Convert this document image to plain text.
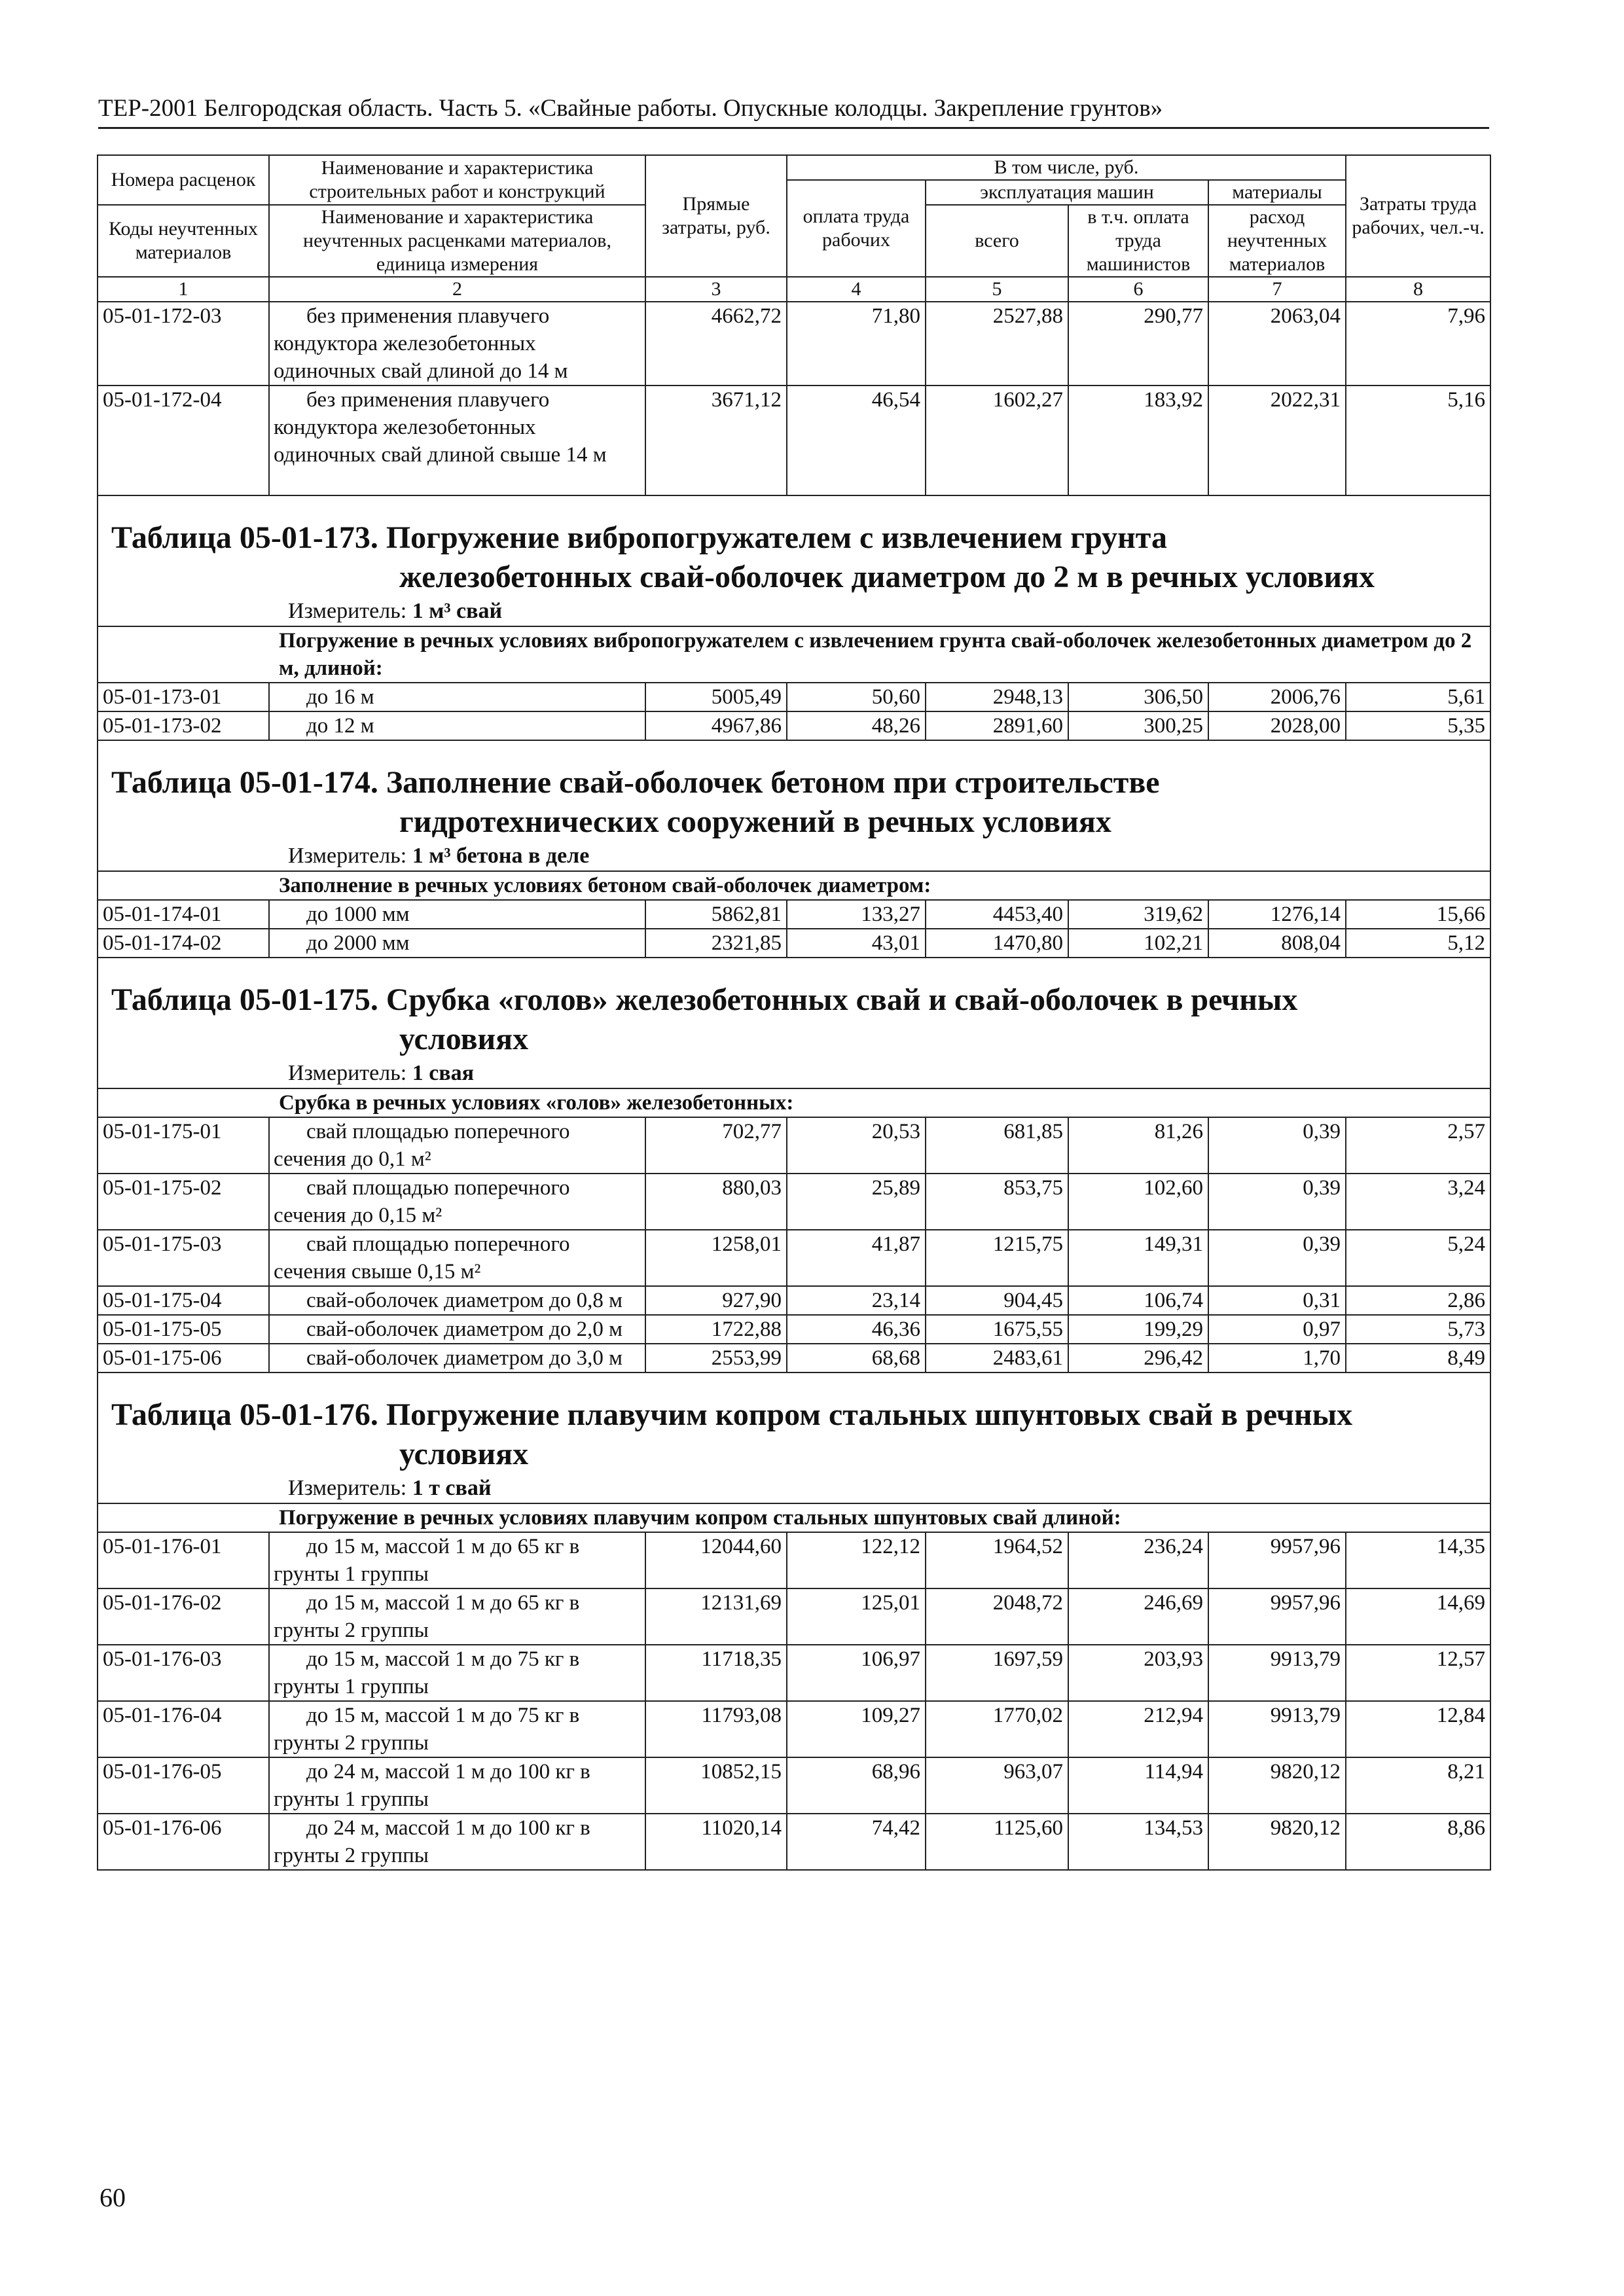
ТЕР-2001 Белгородская область. Часть 5. «Свайные работы. Опускные колодцы. Закрепление грунтов»
Номера расценок	Наименование и характеристика строительных работ и конструкций	Прямые затраты, руб.	В том числе, руб.				Затраты труда рабочих, чел.-ч.
			оплата труда рабочих	эксплуатация машин		материалы	
Коды неучтенных материалов	Наименование и характеристика неучтенных расценками материалов, единица измерения			всего	в т.ч. оплата труда машинистов	расход неучтенных материалов	

1	2	3	4	5	6	7	8
05-01-172-03	без применения плавучего кондуктора железобетонных одиночных свай длиной до 14 м	4662,72	71,80	2527,88	290,77	2063,04	7,96
05-01-172-04	без применения плавучего кондуктора железобетонных одиночных свай длиной свыше 14 м	3671,12	46,54	1602,27	183,92	2022,31	5,16

Таблица 05-01-173. Погружение вибропогружателем с извлечением грунта
железобетонных свай-оболочек диаметром до 2 м в речных условиях
Измеритель: 1 м³ свай							

Погружение в речных условиях вибропогружателем с извлечением грунта свай-оболочек железобетонных диаметром до 2 м, длиной:							
05-01-173-01	до 16 м	5005,49	50,60	2948,13	306,50	2006,76	5,61
05-01-173-02	до 12 м	4967,86	48,26	2891,60	300,25	2028,00	5,35

Таблица 05-01-174. Заполнение свай-оболочек бетоном при строительстве
гидротехнических сооружений в речных условиях
Измеритель: 1 м³ бетона в деле							

Заполнение в речных условиях бетоном свай-оболочек диаметром:							
05-01-174-01	до 1000 мм	5862,81	133,27	4453,40	319,62	1276,14	15,66
05-01-174-02	до 2000 мм	2321,85	43,01	1470,80	102,21	808,04	5,12

Таблица 05-01-175. Срубка «голов» железобетонных свай и свай-оболочек в речных
условиях
Измеритель: 1 свая							

Срубка в речных условиях «голов» железобетонных:							
05-01-175-01	свай площадью поперечного сечения до 0,1 м²	702,77	20,53	681,85	81,26	0,39	2,57
05-01-175-02	свай площадью поперечного сечения до 0,15 м²	880,03	25,89	853,75	102,60	0,39	3,24
05-01-175-03	свай площадью поперечного сечения свыше 0,15 м²	1258,01	41,87	1215,75	149,31	0,39	5,24
05-01-175-04	свай-оболочек диаметром до 0,8 м	927,90	23,14	904,45	106,74	0,31	2,86
05-01-175-05	свай-оболочек диаметром до 2,0 м	1722,88	46,36	1675,55	199,29	0,97	5,73
05-01-175-06	свай-оболочек диаметром до 3,0 м	2553,99	68,68	2483,61	296,42	1,70	8,49

Таблица 05-01-176. Погружение плавучим копром стальных шпунтовых свай в речных
условиях
Измеритель: 1 т свай							

Погружение в речных условиях плавучим копром стальных шпунтовых свай длиной:							
05-01-176-01	до 15 м, массой 1 м до 65 кг в грунты 1 группы	12044,60	122,12	1964,52	236,24	9957,96	14,35
05-01-176-02	до 15 м, массой 1 м до 65 кг в грунты 2 группы	12131,69	125,01	2048,72	246,69	9957,96	14,69
05-01-176-03	до 15 м, массой 1 м до 75 кг в грунты 1 группы	11718,35	106,97	1697,59	203,93	9913,79	12,57
05-01-176-04	до 15 м, массой 1 м до 75 кг в грунты 2 группы	11793,08	109,27	1770,02	212,94	9913,79	12,84
05-01-176-05	до 24 м, массой 1 м до 100 кг в грунты 1 группы	10852,15	68,96	963,07	114,94	9820,12	8,21
05-01-176-06	до 24 м, массой 1 м до 100 кг в грунты 2 группы	11020,14	74,42	1125,60	134,53	9820,12	8,86
60
